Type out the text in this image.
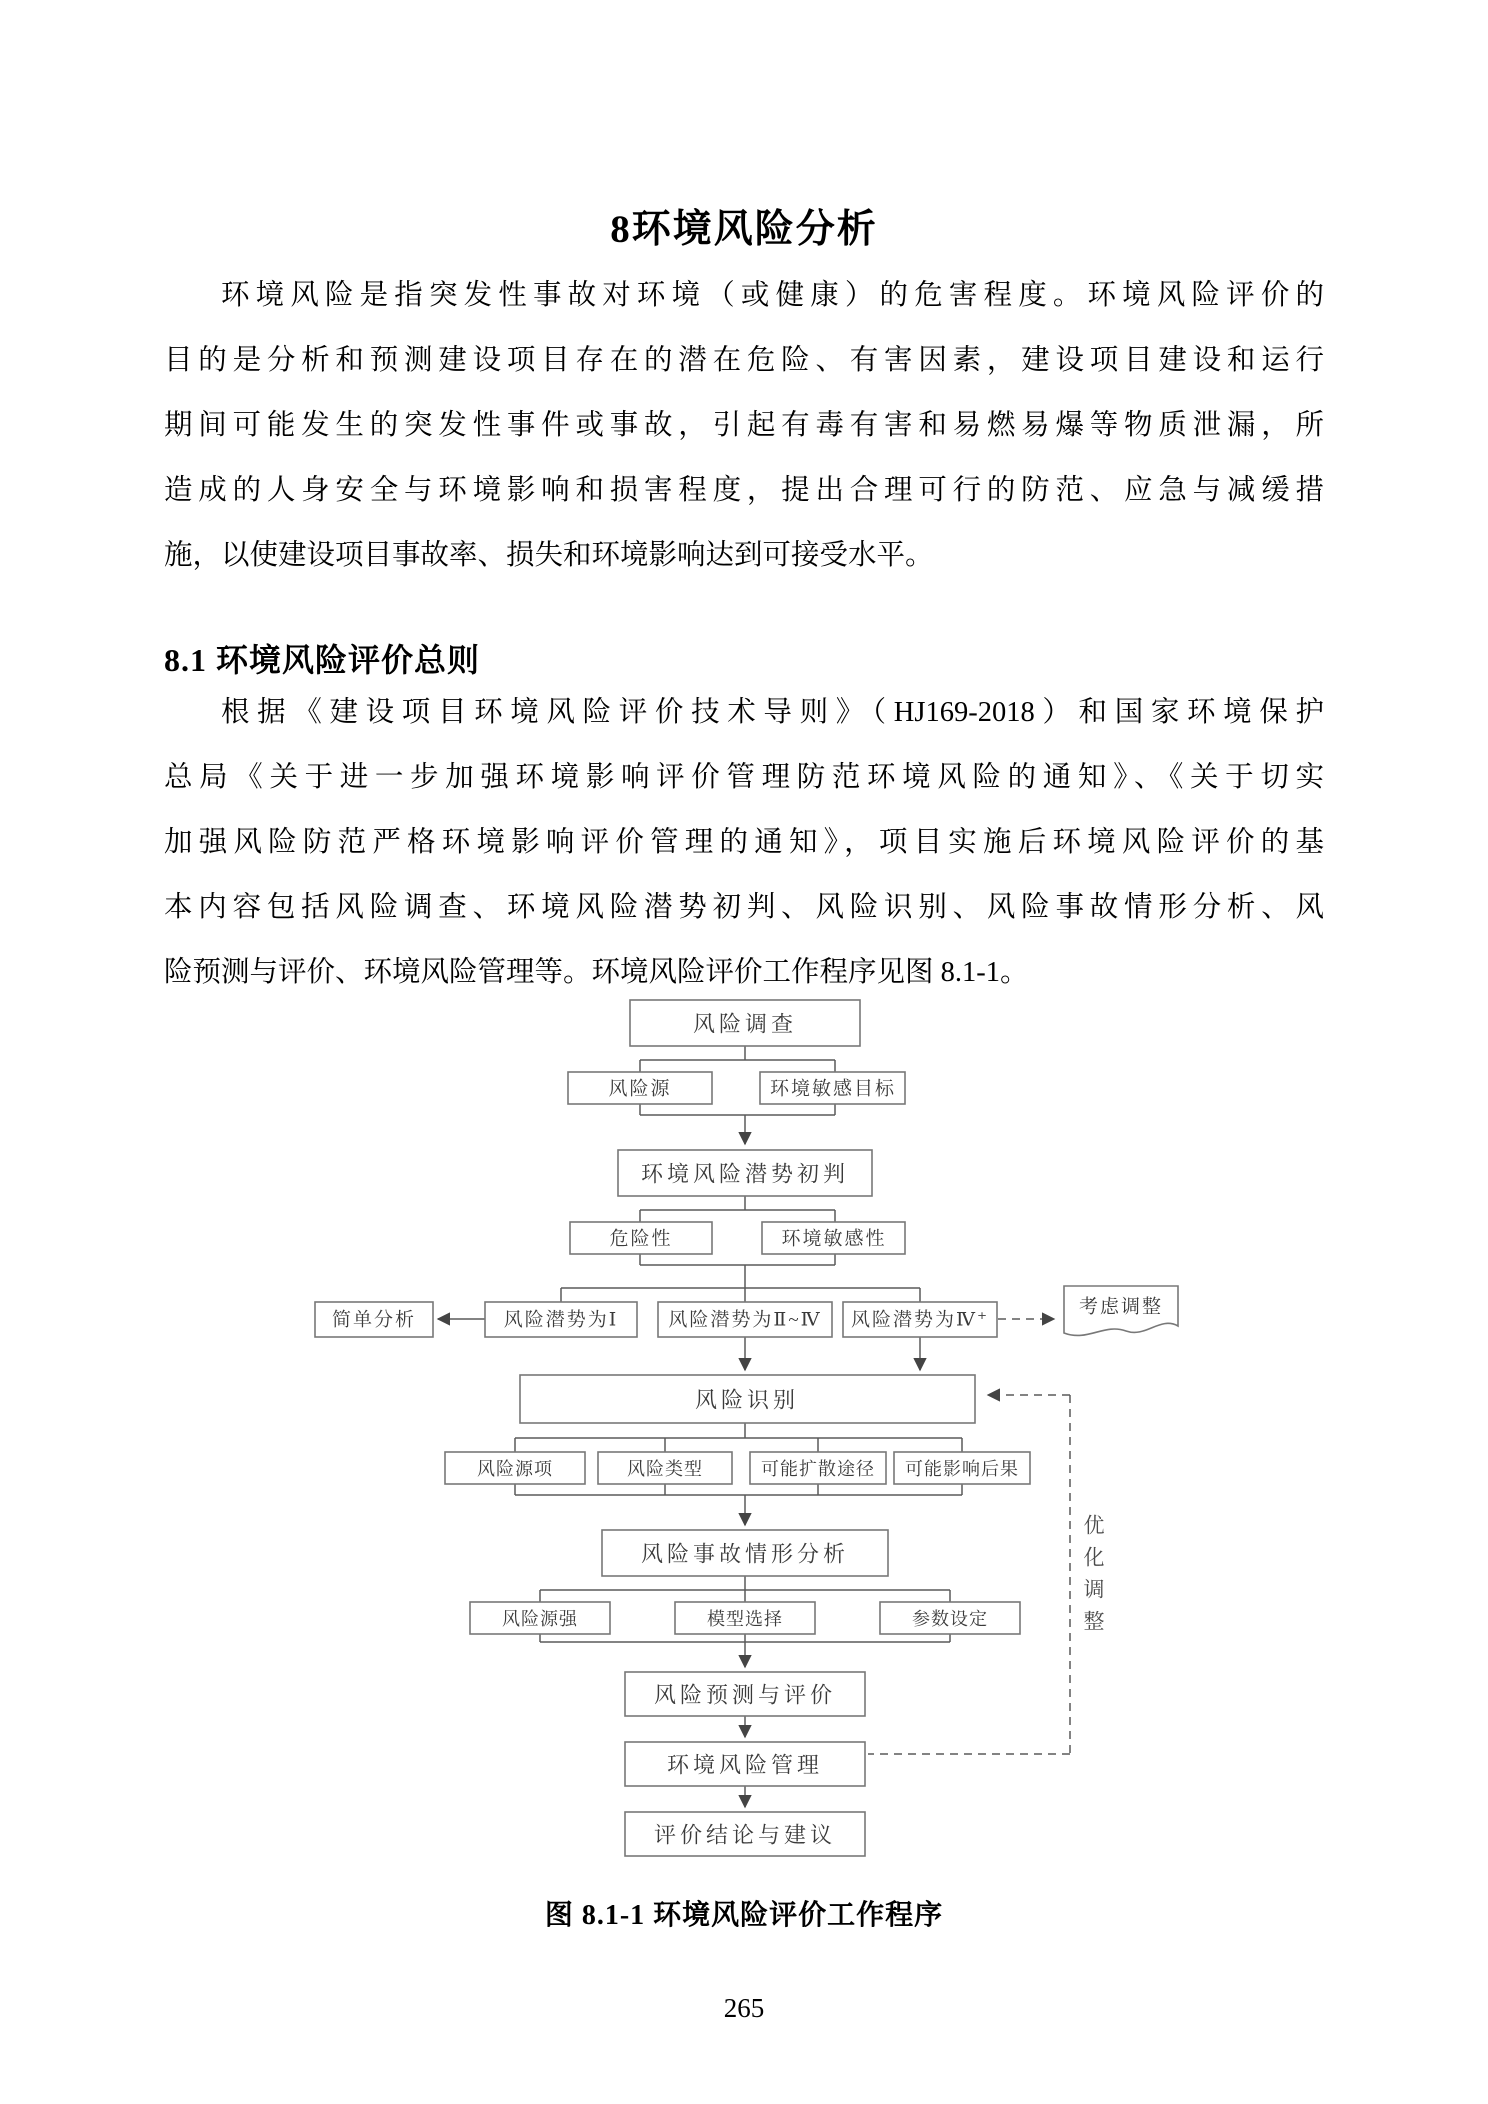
8环境风险分析
环境风险是指突发性事故对环境（或健康）的危害程度。环境风险评价的
目的是分析和预测建设项目存在的潜在危险、有害因素，建设项目建设和运行
期间可能发生的突发性事件或事故，引起有毒有害和易燃易爆等物质泄漏，所
造成的人身安全与环境影响和损害程度，提出合理可行的防范、应急与减缓措
施，以使建设项目事故率、损失和环境影响达到可接受水平。
8.1 环境风险评价总则
根据《建设项目环境风险评价技术导则》（HJ169-2018）和国家环境保护
总局《关于进一步加强环境影响评价管理防范环境风险的通知》、《关于切实
加强风险防范严格环境影响评价管理的通知》，项目实施后环境风险评价的基
本内容包括风险调查、环境风险潜势初判、风险识别、风险事故情形分析、风
险预测与评价、环境风险管理等。环境风险评价工作程序见图 8.1-1。
风险调查
风险源	环境敏感目标
环境风险潜势初判
危险性	环境敏感性
简单分析	风险潜势为Ⅰ	风险潜势为Ⅱ~Ⅳ 风险潜势为Ⅳ⁺
考虑调整
风险识别
风险源项	风险类型	可能扩散途径 可能影响后果
风险事故情形分析
风险源强	模型选择	参数设定
风险预测与评价
环境风险管理
评价结论与建议
优化调整
图 8.1-1 环境风险评价工作程序
265
